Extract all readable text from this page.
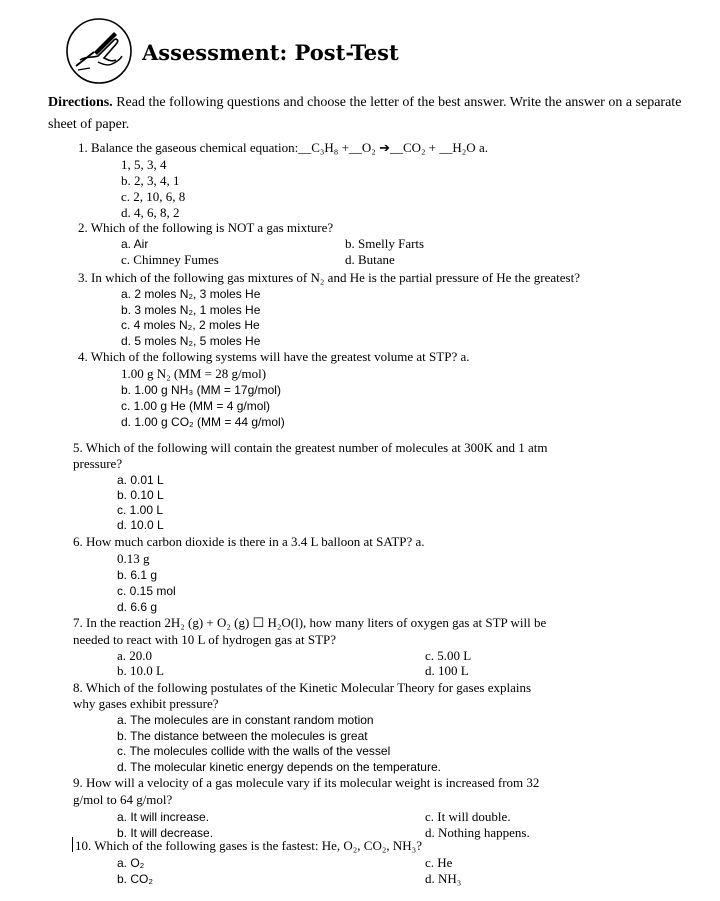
Assessment: Post-Test
Directions. Read the following questions and choose the letter of the best answer. Write the answer on a separate sheet of paper.
1. Balance the gaseous chemical equation:__C₃H₈ +__O₂ ➔__CO₂ + __H₂O a.
1, 5, 3, 4
b. 2, 3, 4, 1
c. 2, 10, 6, 8
d. 4, 6, 8, 2
2. Which of the following is NOT a gas mixture?
a. Air	b. Smelly Farts
c. Chimney Fumes	d. Butane
3. In which of the following gas mixtures of N₂ and He is the partial pressure of He the greatest?
a. 2 moles N₂, 3 moles He
b. 3 moles N₂, 1 moles He
c. 4 moles N₂, 2 moles He
d. 5 moles N₂, 5 moles He
4. Which of the following systems will have the greatest volume at STP? a.
1.00 g N₂ (MM = 28 g/mol)
b. 1.00 g NH₃ (MM = 17g/mol)
c. 1.00 g He (MM = 4 g/mol)
d. 1.00 g CO₂ (MM = 44 g/mol)
5. Which of the following will contain the greatest number of molecules at 300K and 1 atm
pressure?
a. 0.01 L
b. 0.10 L
c. 1.00 L
d. 10.0 L
6. How much carbon dioxide is there in a 3.4 L balloon at SATP? a.
0.13 g
b. 6.1 g
c. 0.15 mol
d. 6.6 g
7. In the reaction 2H₂ (g) + O₂ (g) ☐ H₂O(l), how many liters of oxygen gas at STP will be
needed to react with 10 L of hydrogen gas at STP?
a. 20.0	c. 5.00 L
b. 10.0 L	d. 100 L
8. Which of the following postulates of the Kinetic Molecular Theory for gases explains
why gases exhibit pressure?
a. The molecules are in constant random motion
b. The distance between the molecules is great
c. The molecules collide with the walls of the vessel
d. The molecular kinetic energy depends on the temperature.
9. How will a velocity of a gas molecule vary if its molecular weight is increased from 32
g/mol to 64 g/mol?
a. It will increase.	c. It will double.
b. It will decrease.	d. Nothing happens.
10. Which of the following gases is the fastest: He, O₂, CO₂, NH₃?
a. O₂	c. He
b. CO₂	d. NH₃
